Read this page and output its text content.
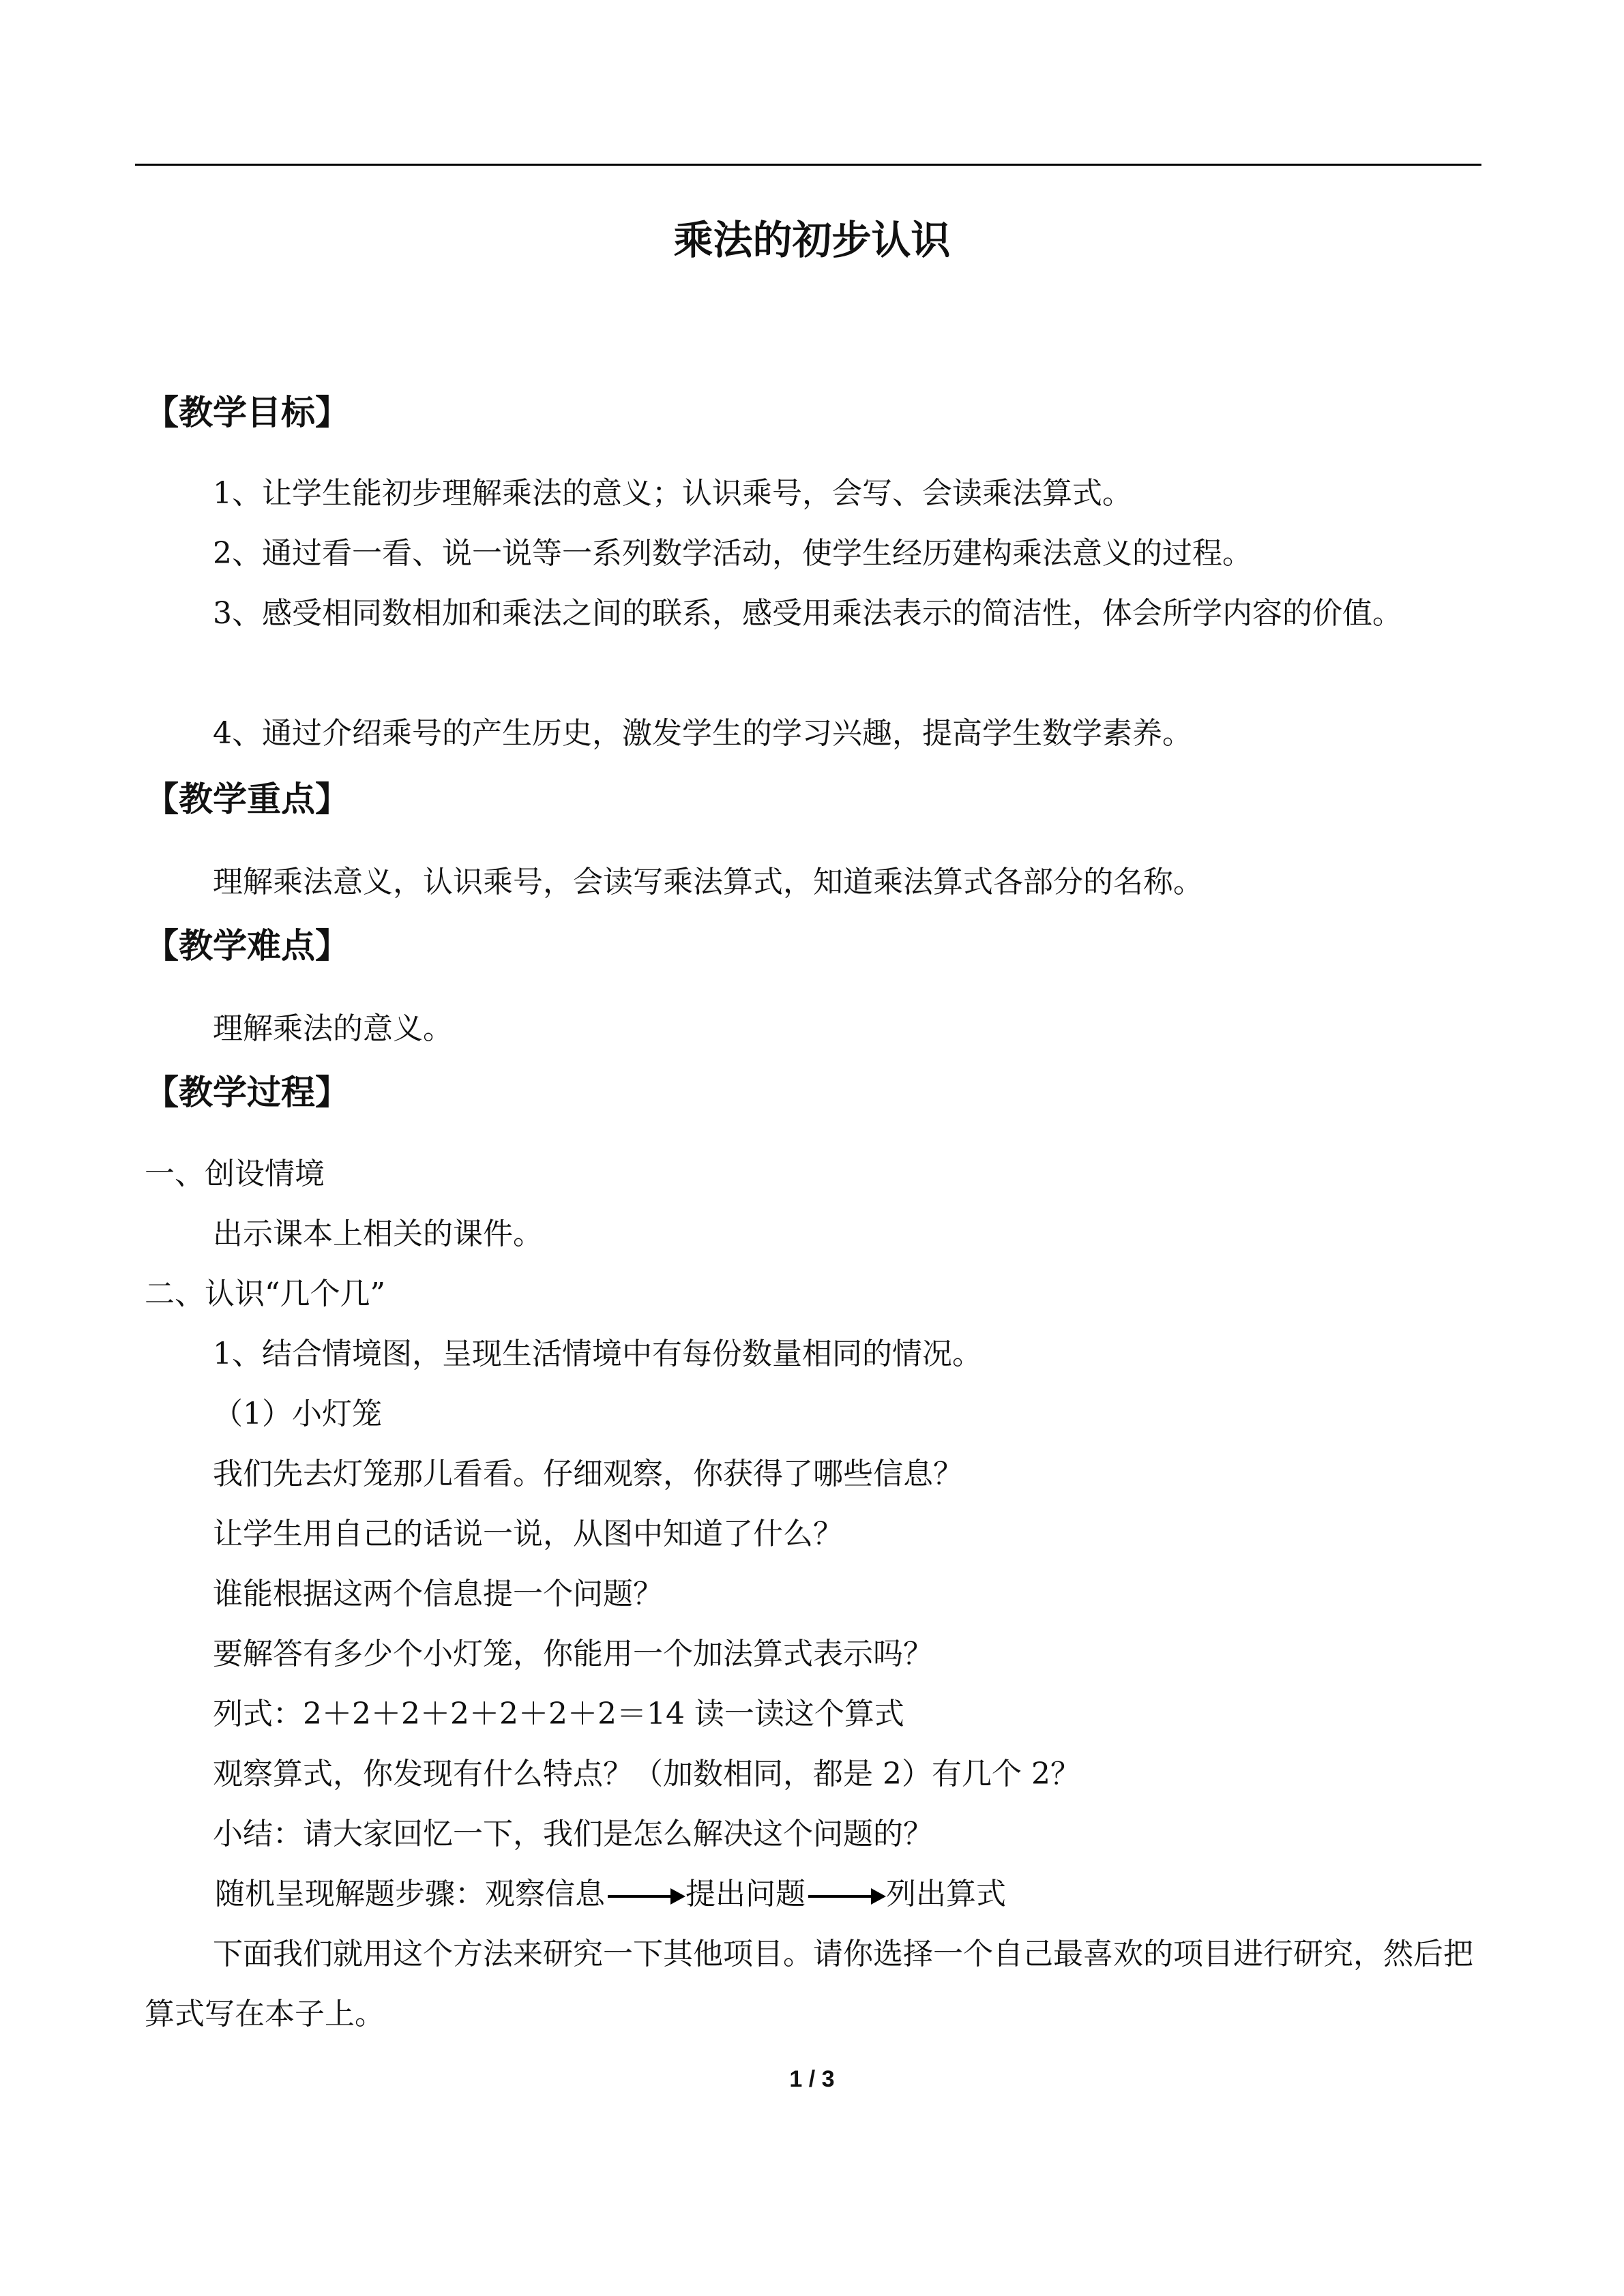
乘法的初步认识
【教学目标】
1、让学生能初步理解乘法的意义；认识乘号，会写、会读乘法算式。
2、通过看一看、说一说等一系列数学活动，使学生经历建构乘法意义的过程。
3、感受相同数相加和乘法之间的联系，感受用乘法表示的简洁性，体会所学内容的价值。
4、通过介绍乘号的产生历史，激发学生的学习兴趣，提高学生数学素养。
【教学重点】
理解乘法意义，认识乘号，会读写乘法算式，知道乘法算式各部分的名称。
【教学难点】
理解乘法的意义。
【教学过程】
一、创设情境
出示课本上相关的课件。
二、认识“几个几”
1、结合情境图，呈现生活情境中有每份数量相同的情况。
（1）小灯笼
我们先去灯笼那儿看看。仔细观察，你获得了哪些信息？
让学生用自己的话说一说，从图中知道了什么？
谁能根据这两个信息提一个问题？
要解答有多少个小灯笼，你能用一个加法算式表示吗？
列式：2＋2＋2＋2＋2＋2＋2＝14 读一读这个算式
观察算式，你发现有什么特点？（加数相同，都是 2）有几个 2？
小结：请大家回忆一下，我们是怎么解决这个问题的？
随机呈现解题步骤：观察信息	提出问题	列出算式
下面我们就用这个方法来研究一下其他项目。请你选择一个自己最喜欢的项目进行研究，然后把算式写在本子上。
1 / 3
